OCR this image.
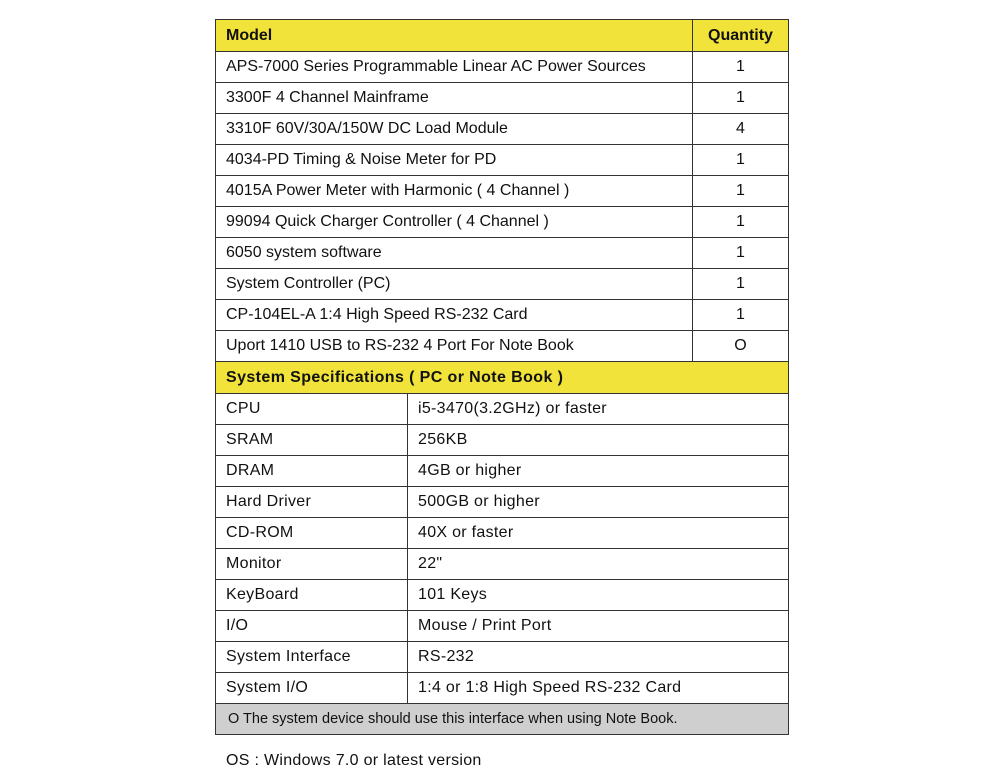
Model		Quantity
APS-7000 Series Programmable Linear AC Power Sources		1
3300F 4 Channel Mainframe		1
3310F 60V/30A/150W DC Load Module		4
4034-PD Timing & Noise Meter for PD		1
4015A Power Meter with Harmonic ( 4 Channel )		1
99094 Quick Charger Controller ( 4 Channel )		1
6050 system software		1
System Controller (PC)		1
CP-104EL-A 1:4 High Speed RS-232 Card		1
Uport 1410 USB to RS-232 4 Port For Note Book		O
System Specifications ( PC or Note Book )		
CPU	i5-3470(3.2GHz) or faster	
SRAM	256KB	
DRAM	4GB or higher	
Hard Driver	500GB or higher	
CD-ROM	40X or faster	
Monitor	22"	
KeyBoard	101 Keys	
I/O	Mouse / Print Port	
System Interface	RS-232	
System I/O	1:4 or 1:8 High Speed RS-232 Card	
O The system device should use this interface when using Note Book.		
OS : Windows 7.0 or latest version
